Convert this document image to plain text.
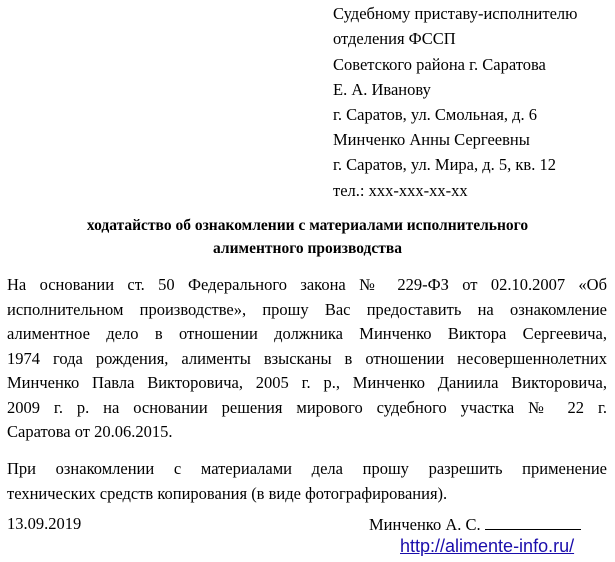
Судебному приставу-исполнителю
отделения ФССП
Советского района г. Саратова
Е. А. Иванову
г. Саратов, ул. Смольная, д. 6
Минченко Анны Сергеевны
г. Саратов, ул. Мира, д. 5, кв. 12
тел.: ххх-ххх-хх-хх
ходатайство об ознакомлении с материалами исполнительного
алиментного производства
На основании ст. 50 Федерального закона № 229-ФЗ от 02.10.2007 «Об
исполнительном производстве», прошу Вас предоставить на ознакомление
алиментное дело в отношении должника Минченко Виктора Сергеевича,
1974 года рождения, алименты взысканы в отношении несовершеннолетних
Минченко Павла Викторовича, 2005 г. р., Минченко Даниила Викторовича,
2009 г. р. на основании решения мирового судебного участка № 22 г.
Саратова от 20.06.2015.
При ознакомлении с материалами дела прошу разрешить применение
технических средств копирования (в виде фотографирования).
13.09.2019	Минченко А. С.
http://alimente-info.ru/
